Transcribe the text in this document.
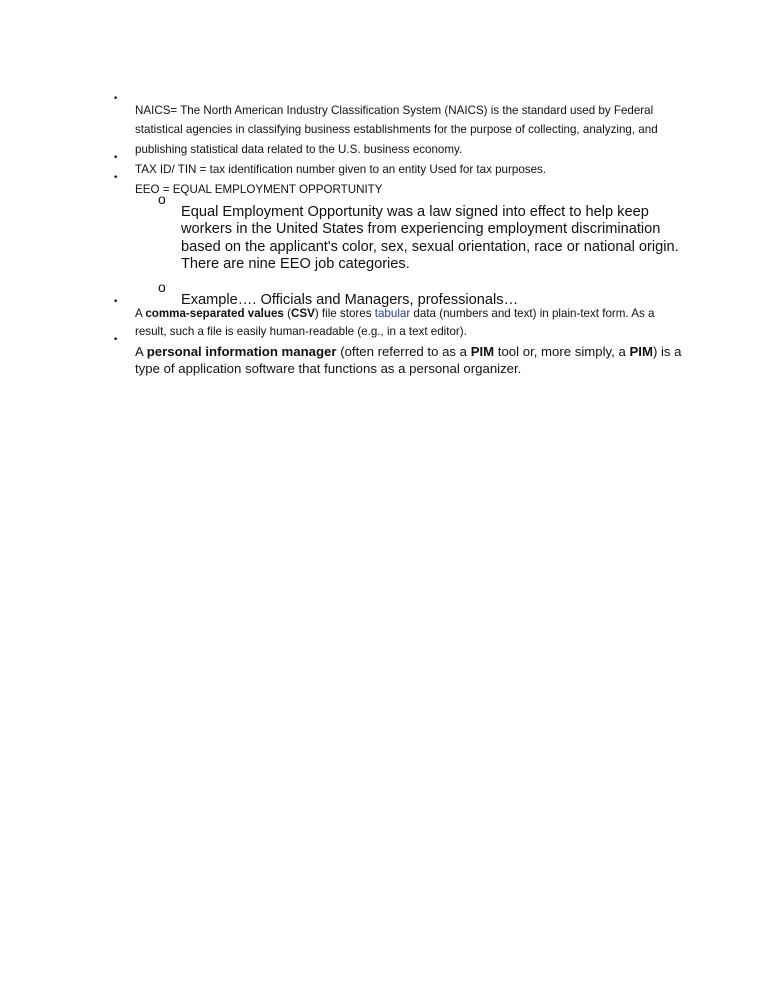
•

NAICS= The North American Industry Classification System (NAICS) is the standard used by Federal statistical agencies in classifying business establishments for the purpose of collecting, analyzing, and publishing statistical data related to the U.S. business economy.

•

TAX ID/ TIN = tax identification number given to an entity Used for tax purposes.

•

EEO = EQUAL EMPLOYMENT OPPORTUNITY

o

Equal Employment Opportunity was a law signed into effect to help keep workers in the United States from experiencing employment discrimination based on the applicant's color, sex, sexual orientation, race or national origin. There are nine EEO job categories.

o

Example…. Officials and Managers, professionals…

•

A comma-separated values (CSV) file stores tabular data (numbers and text) in plain-text form. As a result, such a file is easily human-readable (e.g., in a text editor).

•

A personal information manager (often referred to as a PIM tool or, more simply, a PIM) is a type of application software that functions as a personal organizer.
